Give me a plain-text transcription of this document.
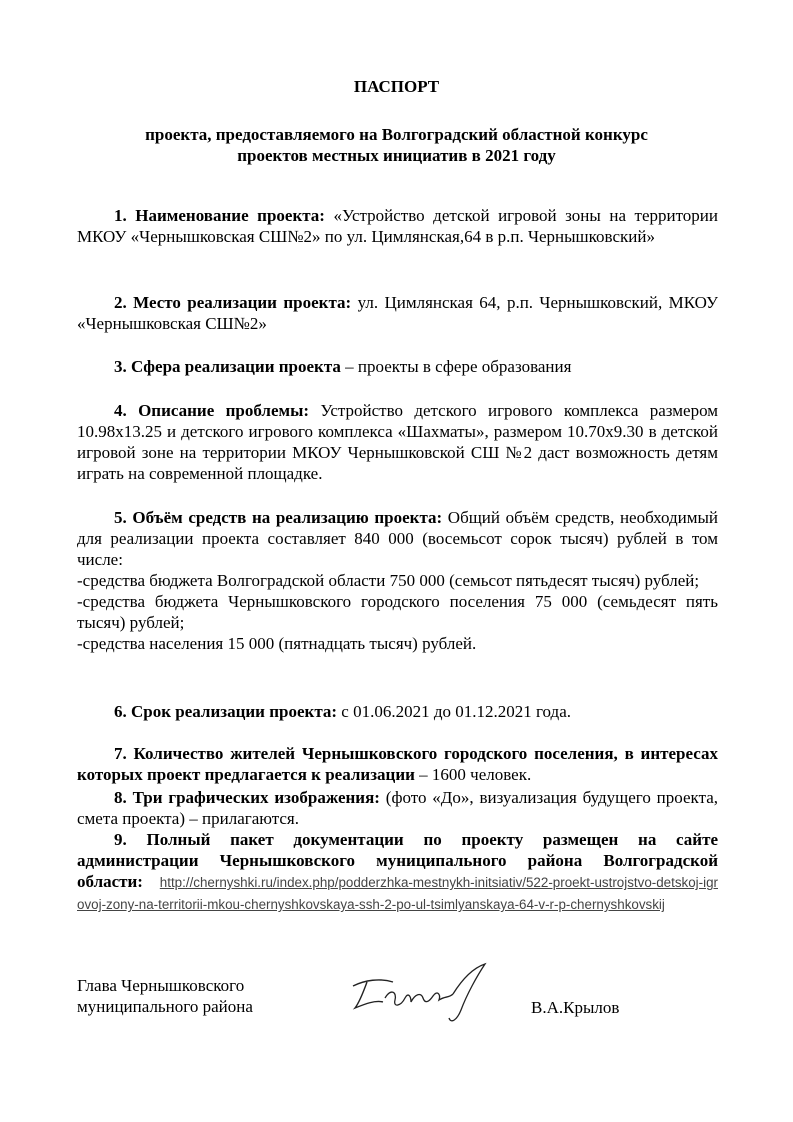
ПАСПОРТ
проекта, предоставляемого на Волгоградский областной конкурс
проектов местных инициатив в 2021 году
1. Наименование проекта: «Устройство детской игровой зоны на территории МКОУ «Чернышковская СШ№2» по ул. Цимлянская,64 в р.п. Чернышковский»
2. Место реализации проекта: ул. Цимлянская 64, р.п. Чернышковский, МКОУ «Чернышковская СШ№2»
3. Сфера реализации проекта – проекты в сфере образования
4. Описание проблемы: Устройство детского игрового комплекса размером 10.98х13.25 и детского игрового комплекса «Шахматы», размером 10.70х9.30 в детской игровой зоне на территории МКОУ Чернышковской СШ №2 даст возможность детям играть на современной площадке.

5. Объём средств на реализацию проекта: Общий объём средств, необходимый для реализации проекта составляет 840 000 (восемьсот сорок тысяч) рублей в том числе:

-средства бюджета Волгоградской области 750 000 (семьсот пятьдесят тысяч) рублей;

-средства бюджета Чернышковского городского поселения 75 000 (семьдесят пять тысяч) рублей;

-средства населения 15 000 (пятнадцать тысяч) рублей.

6. Срок реализации проекта: с 01.06.2021 до 01.12.2021 года.
7. Количество жителей Чернышковского городского поселения, в интересах которых проект предлагается к реализации – 1600 человек.
8. Три графических изображения: (фото «До», визуализация будущего проекта, смета проекта) – прилагаются.
9. Полный пакет документации по проекту размещен на сайте администрации Чернышковского муниципального района Волгоградской области: http://chernyshki.ru/index.php/podderzhka-mestnykh-initsiativ/522-proekt-ustrojstvo-detskoj-igrovoj-zony-na-territorii-mkou-chernyshkovskaya-ssh-2-po-ul-tsimlyanskaya-64-v-r-p-chernyshkovskij
Глава Чернышковского
муниципального района	В.А.Крылов
